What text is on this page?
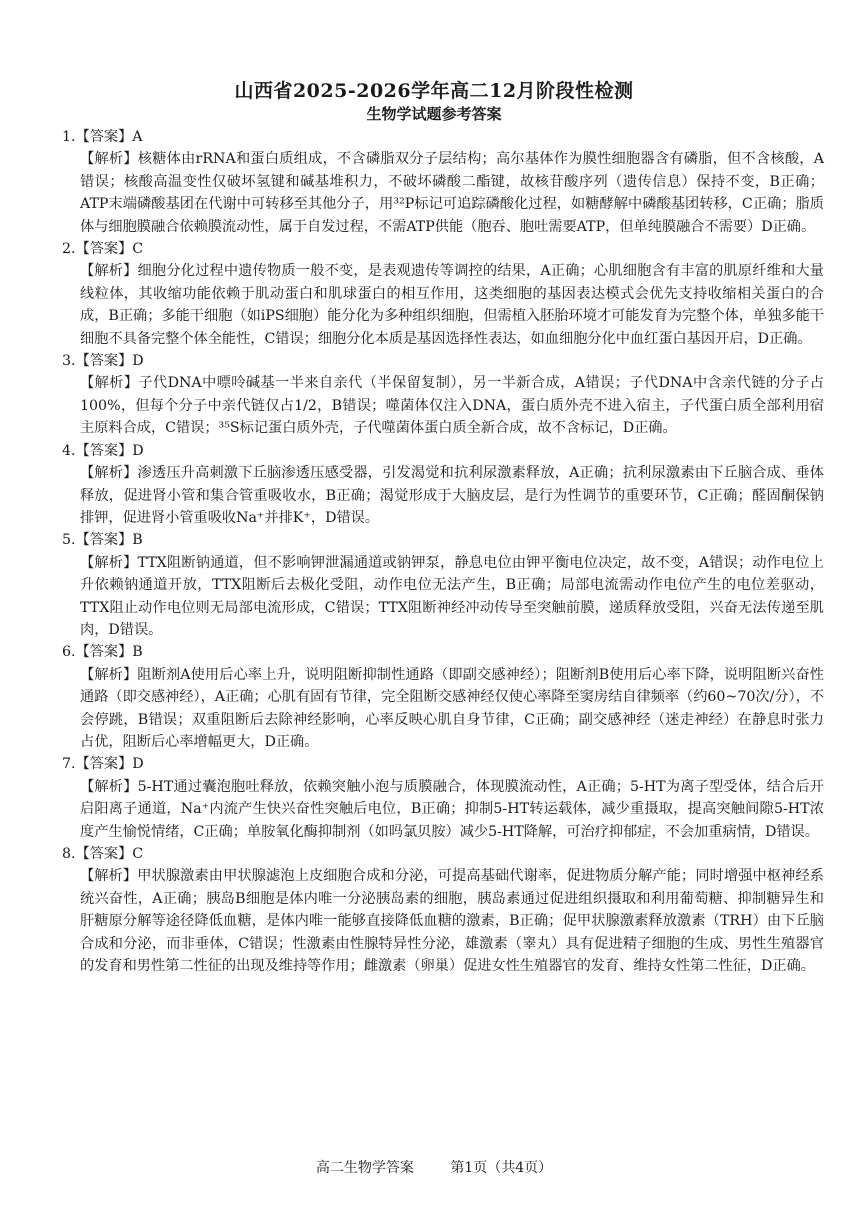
山西省2025-2026学年高二12月阶段性检测
生物学试题参考答案

1.【答案】A

【解析】核糖体由rRNA和蛋白质组成，不含磷脂双分子层结构；高尔基体作为膜性细胞器含有磷脂，但不含核酸，A错误；核酸高温变性仅破坏氢键和碱基堆积力，不破坏磷酸二酯键，故核苷酸序列（遗传信息）保持不变，B正确；ATP末端磷酸基团在代谢中可转移至其他分子，用³²P标记可追踪磷酸化过程，如糖酵解中磷酸基团转移，C正确；脂质体与细胞膜融合依赖膜流动性，属于自发过程，不需ATP供能（胞吞、胞吐需要ATP，但单纯膜融合不需要）D正确。

2.【答案】C

【解析】细胞分化过程中遗传物质一般不变，是表观遗传等调控的结果，A正确；心肌细胞含有丰富的肌原纤维和大量线粒体，其收缩功能依赖于肌动蛋白和肌球蛋白的相互作用，这类细胞的基因表达模式会优先支持收缩相关蛋白的合成，B正确；多能干细胞（如iPS细胞）能分化为多种组织细胞，但需植入胚胎环境才可能发育为完整个体，单独多能干细胞不具备完整个体全能性，C错误；细胞分化本质是基因选择性表达，如血细胞分化中血红蛋白基因开启，D正确。

3.【答案】D

【解析】子代DNA中嘌呤碱基一半来自亲代（半保留复制），另一半新合成，A错误；子代DNA中含亲代链的分子占100%，但每个分子中亲代链仅占1/2，B错误；噬菌体仅注入DNA，蛋白质外壳不进入宿主，子代蛋白质全部利用宿主原料合成，C错误；³⁵S标记蛋白质外壳，子代噬菌体蛋白质全新合成，故不含标记，D正确。

4.【答案】D

【解析】渗透压升高刺激下丘脑渗透压感受器，引发渴觉和抗利尿激素释放，A正确；抗利尿激素由下丘脑合成、垂体释放，促进肾小管和集合管重吸收水，B正确；渴觉形成于大脑皮层，是行为性调节的重要环节，C正确；醛固酮保钠排钾，促进肾小管重吸收Na⁺并排K⁺，D错误。

5.【答案】B

【解析】TTX阻断钠通道，但不影响钾泄漏通道或钠钾泵，静息电位由钾平衡电位决定，故不变，A错误；动作电位上升依赖钠通道开放，TTX阻断后去极化受阻，动作电位无法产生，B正确；局部电流需动作电位产生的电位差驱动，TTX阻止动作电位则无局部电流形成，C错误；TTX阻断神经冲动传导至突触前膜，递质释放受阻，兴奋无法传递至肌肉，D错误。

6.【答案】B

【解析】阻断剂A使用后心率上升，说明阻断抑制性通路（即副交感神经）；阻断剂B使用后心率下降，说明阻断兴奋性通路（即交感神经），A正确；心肌有固有节律，完全阻断交感神经仅使心率降至窦房结自律频率（约60~70次/分），不会停跳，B错误；双重阻断后去除神经影响，心率反映心肌自身节律，C正确；副交感神经（迷走神经）在静息时张力占优，阻断后心率增幅更大，D正确。

7.【答案】D

【解析】5-HT通过囊泡胞吐释放，依赖突触小泡与质膜融合，体现膜流动性，A正确；5-HT为离子型受体，结合后开启阳离子通道，Na⁺内流产生快兴奋性突触后电位，B正确；抑制5-HT转运载体，减少重摄取，提高突触间隙5-HT浓度产生愉悦情绪，C正确；单胺氧化酶抑制剂（如吗氯贝胺）减少5-HT降解，可治疗抑郁症，不会加重病情，D错误。

8.【答案】C

【解析】甲状腺激素由甲状腺滤泡上皮细胞合成和分泌，可提高基础代谢率，促进物质分解产能；同时增强中枢神经系统兴奋性，A正确；胰岛B细胞是体内唯一分泌胰岛素的细胞，胰岛素通过促进组织摄取和利用葡萄糖、抑制糖异生和肝糖原分解等途径降低血糖，是体内唯一能够直接降低血糖的激素，B正确；促甲状腺激素释放激素（TRH）由下丘脑合成和分泌，而非垂体，C错误；性激素由性腺特异性分泌，雄激素（睾丸）具有促进精子细胞的生成、男性生殖器官的发育和男性第二性征的出现及维持等作用；雌激素（卵巢）促进女性生殖器官的发育、维持女性第二性征，D正确。

高二生物学答案	第1页（共4页）
